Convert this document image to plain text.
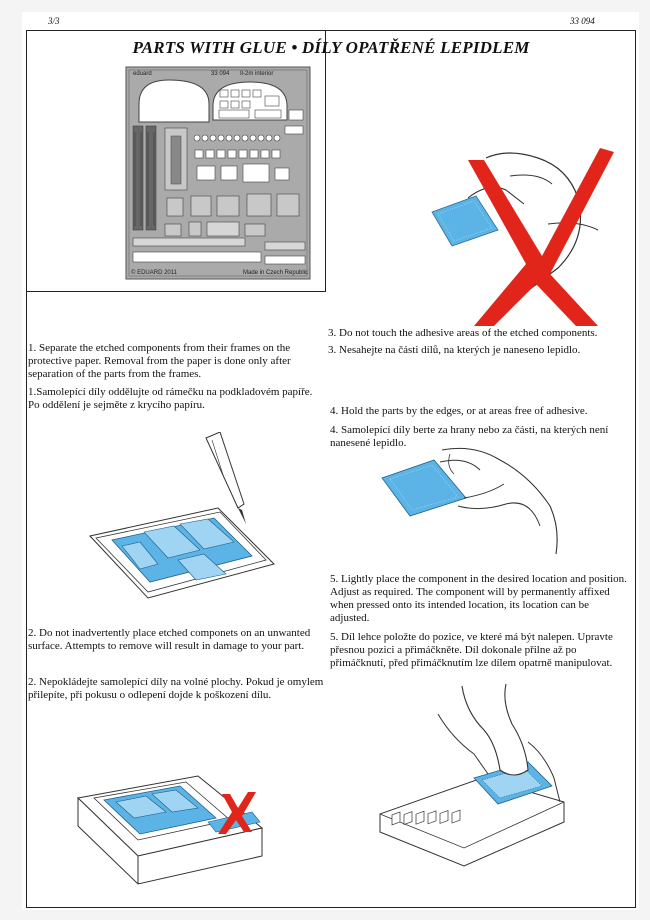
3/3	33 094
PARTS WITH GLUE • DÍLY OPATŘENÉ LEPIDLEM
eduard	33 094 Il-2m interior
© EDUARD 2011	Made in Czech Republic

1. Separate the etched components from their frames on the protective paper. Removal from the paper is done only after separation of the parts from the frames.

1.Samolepící díly oddělujte od rámečku na podkladovém papíře. Po oddělení je sejměte z krycího papíru.

2. Do not inadvertently place etched componets on an unwanted surface. Attempts to remove will result in damage to your part.

2. Nepokládejte samolepící díly na volné plochy. Pokud je omylem přilepíte, při pokusu o odlepení dojde k poškození dílu.

3. Do not touch the adhesive areas of the etched components.

3. Nesahejte na části dílů, na kterých je naneseno lepidlo.

4. Hold the parts by the edges, or at areas free of adhesive.

4. Samolepící díly berte za hrany nebo za části, na kterých není nanesené lepidlo.

5. Lightly place the component in the desired location and position. Adjust as required. The component will by permanently affixed when pressed onto its intended location, its location can be adjusted.

5. Díl lehce položte do pozice, ve které má být nalepen. Upravte přesnou pozici a přimáčkněte. Díl dokonale přilne až po přimáčknutí, před přimáčknutím lze dílem opatrně manipulovat.
